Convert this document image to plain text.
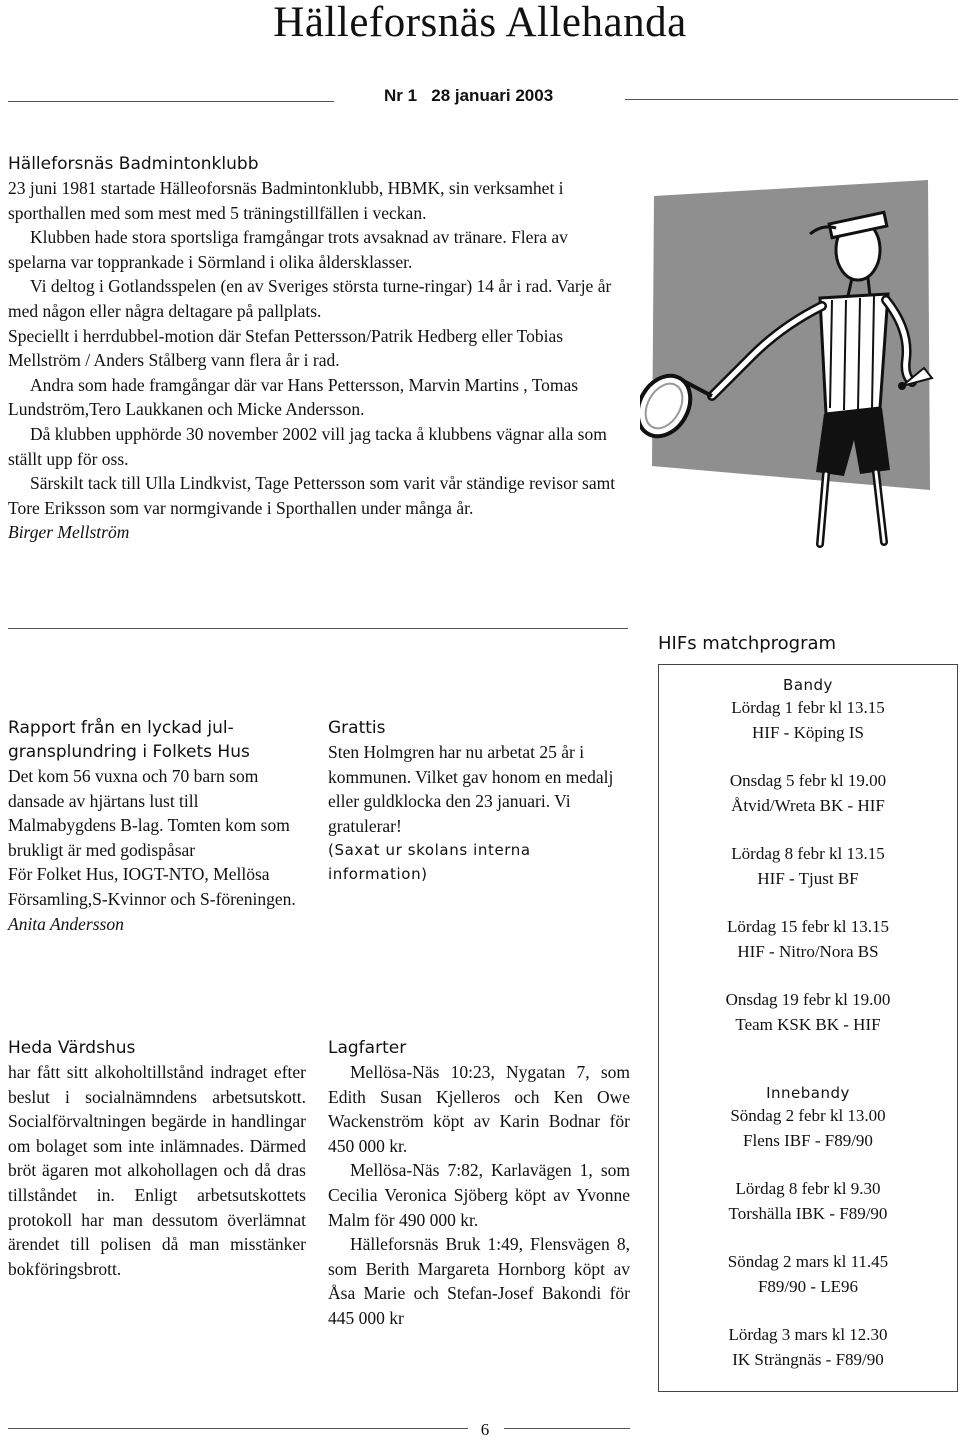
Hälleforsnäs Allehanda
Nr 1 28 januari 2003
Hälleforsnäs Badmintonklubb

23 juni 1981 startade Hälleoforsnäs Badmintonklubb, HBMK, sin verksamhet i sporthallen med som mest med 5 träningstillfällen i veckan.

Klubben hade stora sportsliga framgångar trots avsaknad av tränare. Flera av spelarna var topprankade i Sörmland i olika åldersklasser.

Vi deltog i Gotlandsspelen (en av Sveriges största turne-ringar) 14 år i rad. Varje år med någon eller några deltagare på pallplats.

Speciellt i herrdubbel-motion där Stefan Pettersson/Patrik Hedberg eller Tobias Mellström / Anders Stålberg vann flera år i rad.

Andra som hade framgångar där var Hans Pettersson, Marvin Martins , Tomas Lundström,Tero Laukkanen och Micke Andersson.

Då klubben upphörde 30 november 2002 vill jag tacka å klubbens vägnar alla som ställt upp för oss.

Särskilt tack till Ulla Lindkvist, Tage Pettersson som varit vår ständige revisor samt Tore Eriksson som var normgivande i Sporthallen under många år.

Birger Mellström

Rapport från en lyckad jul-
gransplundring i Folkets Hus

Det kom 56 vuxna och 70 barn som dansade av hjärtans lust till Malmabygdens B-lag. Tomten kom som brukligt är med godispåsar

För Folket Hus, IOGT-NTO, Mellösa Församling,S-Kvinnor och S-föreningen.

Anita Andersson

Grattis

Sten Holmgren har nu arbetat 25 år i kommunen. Vilket gav honom en medalj eller guldklocka den 23 januari. Vi gratulerar!

(Saxat ur skolans interna information)
Heda Värdshus

har fått sitt alkoholtillstånd indraget efter beslut i socialnämndens arbetsutskott. Socialförvaltningen begärde in handlingar om bolaget som inte inlämnades. Därmed bröt ägaren mot alkohollagen och då dras tillståndet in. Enligt arbetsutskottets protokoll har man dessutom överlämnat ärendet till polisen då man misstänker bokföringsbrott.

Lagfarter

Mellösa-Näs 10:23, Nygatan 7, som Edith Susan Kjelleros och Ken Owe Wackenström köpt av Karin Bodnar för 450 000 kr.

Mellösa-Näs 7:82, Karlavägen 1, som Cecilia Veronica Sjöberg köpt av Yvonne Malm för 490 000 kr.

Hälleforsnäs Bruk 1:49, Flensvägen 8, som Berith Margareta Hornborg köpt av Åsa Marie och Stefan-Josef Bakondi för 445 000 kr

HIFs matchprogram
Bandy
Lördag 1 febr kl 13.15
HIF - Köping IS
Onsdag 5 febr kl 19.00
Åtvid/Wreta BK - HIF
Lördag 8 febr kl 13.15
HIF - Tjust BF
Lördag 15 febr kl 13.15
HIF - Nitro/Nora BS
Onsdag 19 febr kl 19.00
Team KSK BK - HIF
Innebandy
Söndag 2 febr kl 13.00
Flens IBF - F89/90
Lördag 8 febr kl 9.30
Torshälla IBK - F89/90
Söndag 2 mars kl 11.45
F89/90 - LE96
Lördag 3 mars kl 12.30
IK Strängnäs - F89/90
6
